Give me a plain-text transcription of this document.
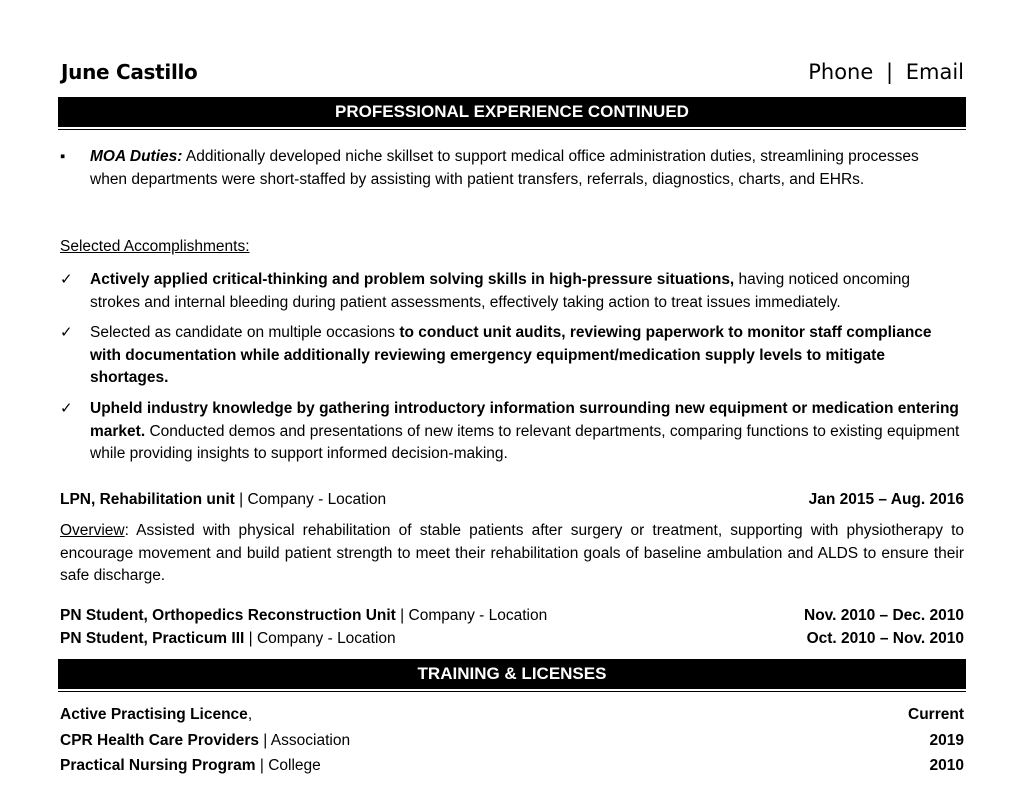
June Castillo	Phone | Email
PROFESSIONAL EXPERIENCE CONTINUED
▪	MOA Duties: Additionally developed niche skillset to support medical office administration duties, streamlining processes when departments were short-staffed by assisting with patient transfers, referrals, diagnostics, charts, and EHRs.
Selected Accomplishments:
✓	Actively applied critical-thinking and problem solving skills in high-pressure situations, having noticed oncoming strokes and internal bleeding during patient assessments, effectively taking action to treat issues immediately.
✓	Selected as candidate on multiple occasions to conduct unit audits, reviewing paperwork to monitor staff compliance with documentation while additionally reviewing emergency equipment/medication supply levels to mitigate shortages.
✓	Upheld industry knowledge by gathering introductory information surrounding new equipment or medication entering market. Conducted demos and presentations of new items to relevant departments, comparing functions to existing equipment while providing insights to support informed decision-making.
LPN, Rehabilitation unit | Company - Location	Jan 2015 – Aug. 2016
Overview: Assisted with physical rehabilitation of stable patients after surgery or treatment, supporting with physiotherapy to encourage movement and build patient strength to meet their rehabilitation goals of baseline ambulation and ALDS to ensure their safe discharge.
PN Student, Orthopedics Reconstruction Unit | Company - Location	Nov. 2010 – Dec. 2010
PN Student, Practicum III | Company - Location	Oct. 2010 – Nov. 2010
TRAINING & LICENSES
Active Practising Licence,	Current
CPR Health Care Providers | Association	2019
Practical Nursing Program | College	2010
